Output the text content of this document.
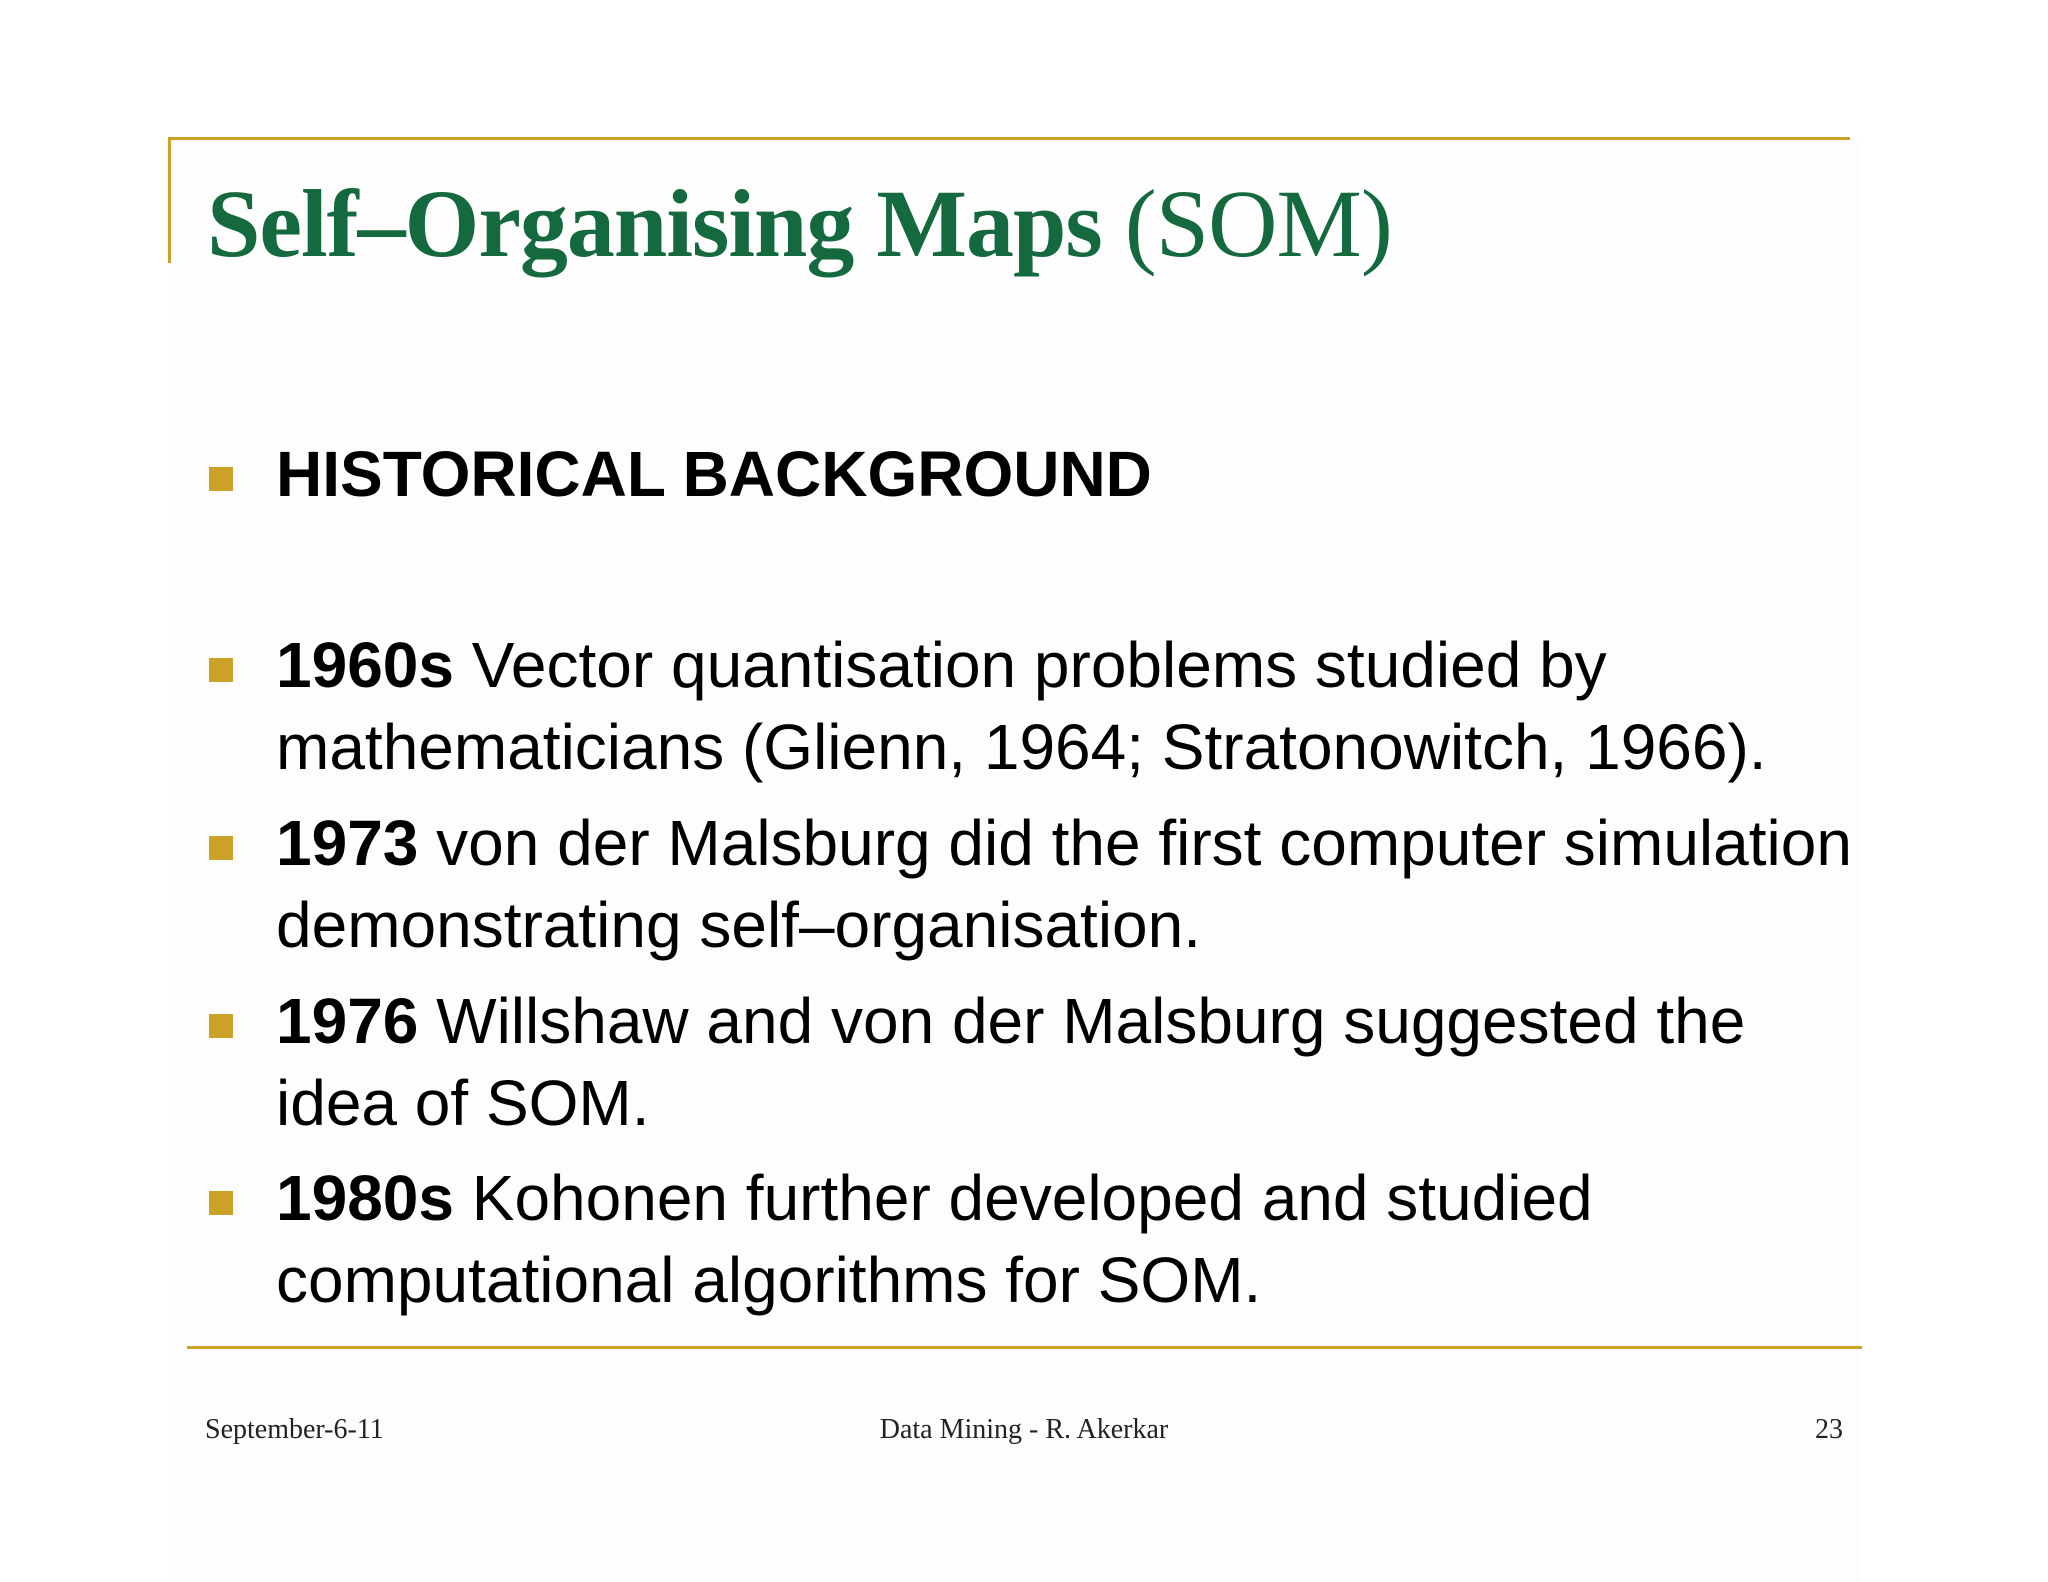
Self–Organising Maps (SOM)

HISTORICAL BACKGROUND

1960s Vector quantisation problems studied by mathematicians (Glienn, 1964; Stratonowitch, 1966).

1973 von der Malsburg did the first computer simulation demonstrating self–organisation.

1976 Willshaw and von der Malsburg suggested the idea of SOM.

1980s Kohonen further developed and studied computational algorithms for SOM.

September-6-11	Data Mining - R. Akerkar	23
